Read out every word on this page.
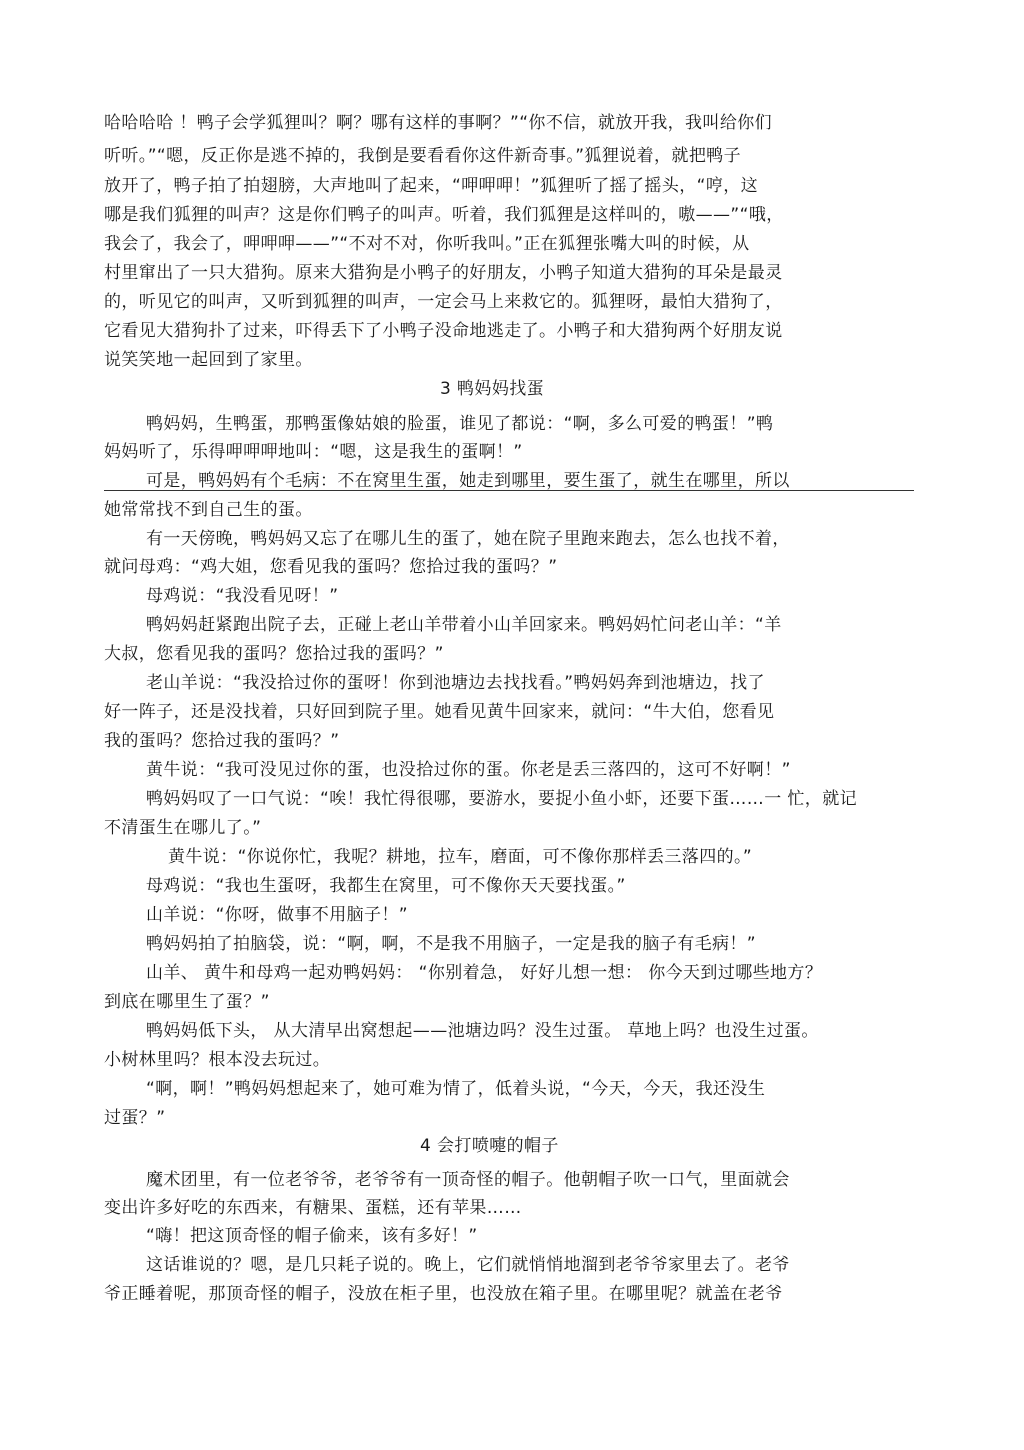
哈哈哈哈 ！鸭子会学狐狸叫？啊？哪有这样的事啊？”“你不信，就放开我，我叫给你们
听听。”“嗯，反正你是逃不掉的，我倒是要看看你这件新奇事。”狐狸说着，就把鸭子
放开了，鸭子拍了拍翅膀，大声地叫了起来，“呷呷呷！”狐狸听了摇了摇头，“哼，这
哪是我们狐狸的叫声？这是你们鸭子的叫声。听着，我们狐狸是这样叫的，嗷——”“哦，
我会了，我会了，呷呷呷——”“不对不对，你听我叫。”正在狐狸张嘴大叫的时候，从
村里窜出了一只大猎狗。原来大猎狗是小鸭子的好朋友，小鸭子知道大猎狗的耳朵是最灵
的，听见它的叫声，又听到狐狸的叫声，一定会马上来救它的。狐狸呀，最怕大猎狗了，
它看见大猎狗扑了过来，吓得丢下了小鸭子没命地逃走了。小鸭子和大猎狗两个好朋友说
说笑笑地一起回到了家里。
3 鸭妈妈找蛋
鸭妈妈，生鸭蛋，那鸭蛋像姑娘的脸蛋，谁见了都说：“啊，多么可爱的鸭蛋！”鸭
妈妈听了，乐得呷呷呷地叫：“嗯，这是我生的蛋啊！”
可是，鸭妈妈有个毛病：不在窝里生蛋，她走到哪里，要生蛋了，就生在哪里，所以
她常常找不到自己生的蛋。
有一天傍晚，鸭妈妈又忘了在哪儿生的蛋了，她在院子里跑来跑去，怎么也找不着，
就问母鸡：“鸡大姐，您看见我的蛋吗？您拾过我的蛋吗？”
母鸡说：“我没看见呀！”
鸭妈妈赶紧跑出院子去，正碰上老山羊带着小山羊回家来。鸭妈妈忙问老山羊：“羊
大叔，您看见我的蛋吗？您拾过我的蛋吗？”
老山羊说：“我没拾过你的蛋呀！你到池塘边去找找看。”鸭妈妈奔到池塘边，找了
好一阵子，还是没找着，只好回到院子里。她看见黄牛回家来，就问：“牛大伯，您看见
我的蛋吗？您拾过我的蛋吗？”
黄牛说：“我可没见过你的蛋，也没拾过你的蛋。你老是丢三落四的，这可不好啊！”
鸭妈妈叹了一口气说：“唉！我忙得很哪，要游水，要捉小鱼小虾，还要下蛋……一 忙，就记
不清蛋生在哪儿了。”
黄牛说：“你说你忙，我呢？耕地，拉车，磨面，可不像你那样丢三落四的。”
母鸡说：“我也生蛋呀，我都生在窝里，可不像你天天要找蛋。”
山羊说：“你呀，做事不用脑子！”
鸭妈妈拍了拍脑袋，说：“啊，啊，不是我不用脑子，一定是我的脑子有毛病！”
山羊、 黄牛和母鸡一起劝鸭妈妈： “你别着急， 好好儿想一想： 你今天到过哪些地方？
到底在哪里生了蛋？”
鸭妈妈低下头， 从大清早出窝想起——池塘边吗？没生过蛋。 草地上吗？也没生过蛋。
小树林里吗？根本没去玩过。
“啊，啊！”鸭妈妈想起来了，她可难为情了，低着头说，“今天，今天，我还没生
过蛋？”
4 会打喷嚏的帽子
魔术团里，有一位老爷爷，老爷爷有一顶奇怪的帽子。他朝帽子吹一口气，里面就会
变出许多好吃的东西来，有糖果、蛋糕，还有苹果……
“嗨！把这顶奇怪的帽子偷来，该有多好！”
这话谁说的？嗯，是几只耗子说的。晚上，它们就悄悄地溜到老爷爷家里去了。老爷
爷正睡着呢，那顶奇怪的帽子，没放在柜子里，也没放在箱子里。在哪里呢？就盖在老爷
